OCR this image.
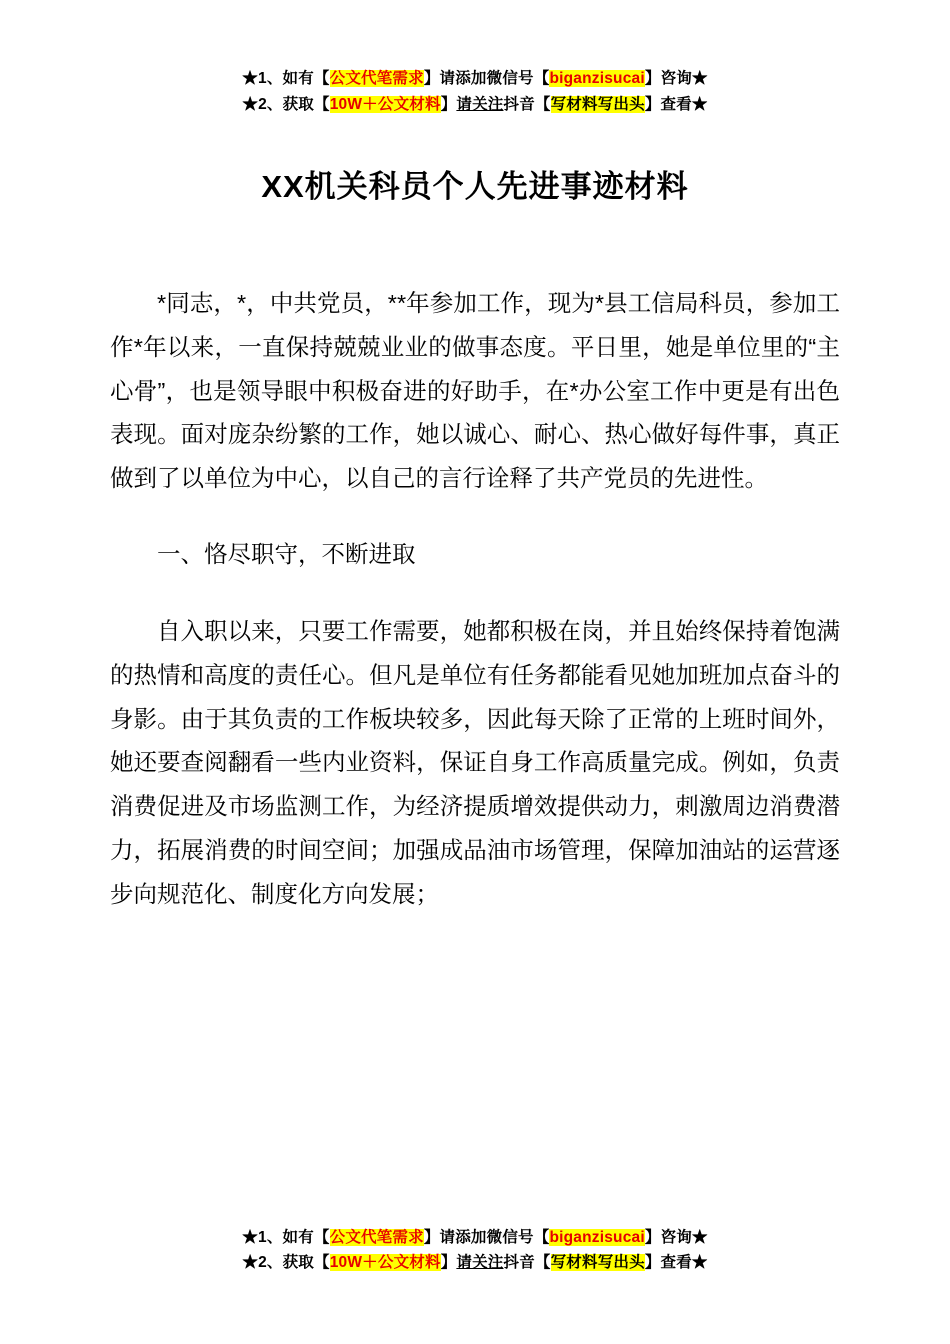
★1、如有【公文代笔需求】请添加微信号【biganzisucai】咨询★
★2、获取【10W＋公文材料】请关注抖音【写材料写出头】查看★
XX机关科员个人先进事迹材料

*同志，*，中共党员，**年参加工作，现为*县工信局科员，参加工作*年以来，一直保持兢兢业业的做事态度。平日里，她是单位里的“主心骨”，也是领导眼中积极奋进的好助手，在*办公室工作中更是有出色表现。面对庞杂纷繁的工作，她以诚心、耐心、热心做好每件事，真正做到了以单位为中心，以自己的言行诠释了共产党员的先进性。

一、恪尽职守，不断进取

自入职以来，只要工作需要，她都积极在岗，并且始终保持着饱满的热情和高度的责任心。但凡是单位有任务都能看见她加班加点奋斗的身影。由于其负责的工作板块较多，因此每天除了正常的上班时间外，她还要查阅翻看一些内业资料，保证自身工作高质量完成。例如，负责消费促进及市场监测工作，为经济提质增效提供动力，刺激周边消费潜力，拓展消费的时间空间；加强成品油市场管理，保障加油站的运营逐步向规范化、制度化方向发展；

★1、如有【公文代笔需求】请添加微信号【biganzisucai】咨询★
★2、获取【10W＋公文材料】请关注抖音【写材料写出头】查看★
